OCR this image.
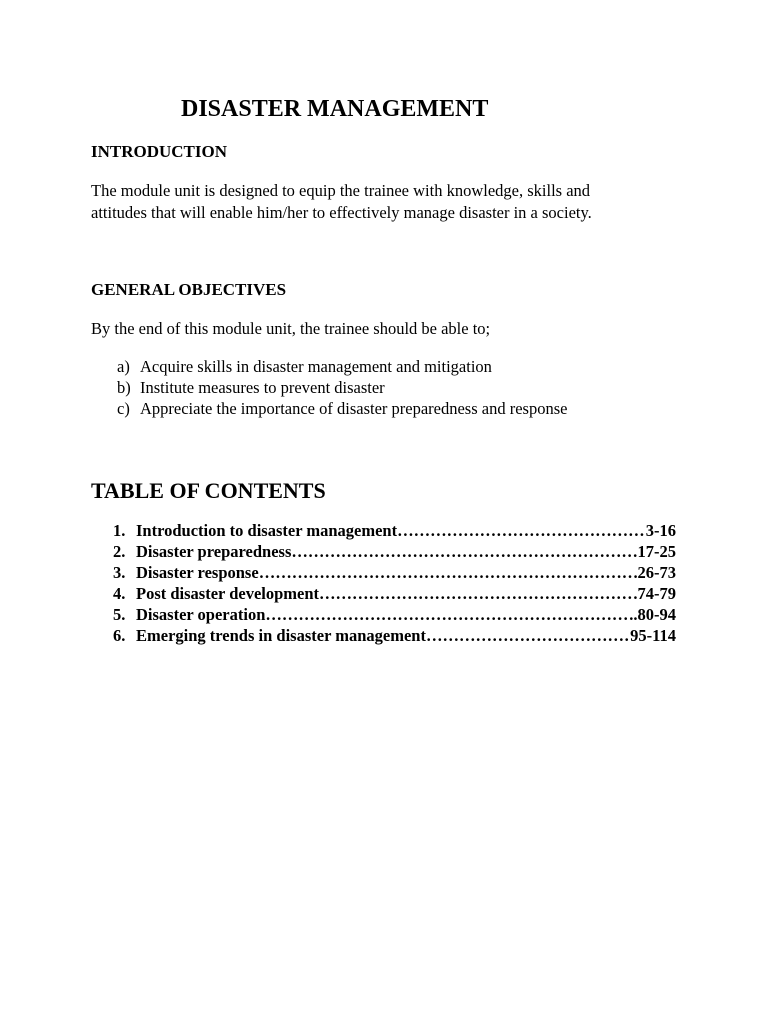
DISASTER MANAGEMENT
INTRODUCTION
The module unit is designed to equip the trainee with knowledge, skills and
attitudes that will enable him/her to effectively manage disaster in a society.
GENERAL OBJECTIVES
By the end of this module unit, the trainee should be able to;
a) Acquire skills in disaster management and mitigation
b) Institute measures to prevent disaster
c) Appreciate the importance of disaster preparedness and response
TABLE OF CONTENTS
1. Introduction to disaster management ………………………………………………………………………………………………………………………	3-16
2. Disaster preparedness ………………………………………………………………………………………………………………………	17-25
3. Disaster response ………………………………………………………………………………………………………………………	26-73
4. Post disaster development ………………………………………………………………………………………………………………………	.74-79
5. Disaster operation ………………………………………………………………………………………………………………………	..80-94
6. Emerging trends in disaster management ………………………………………………………………………………………………………………………	95-114
